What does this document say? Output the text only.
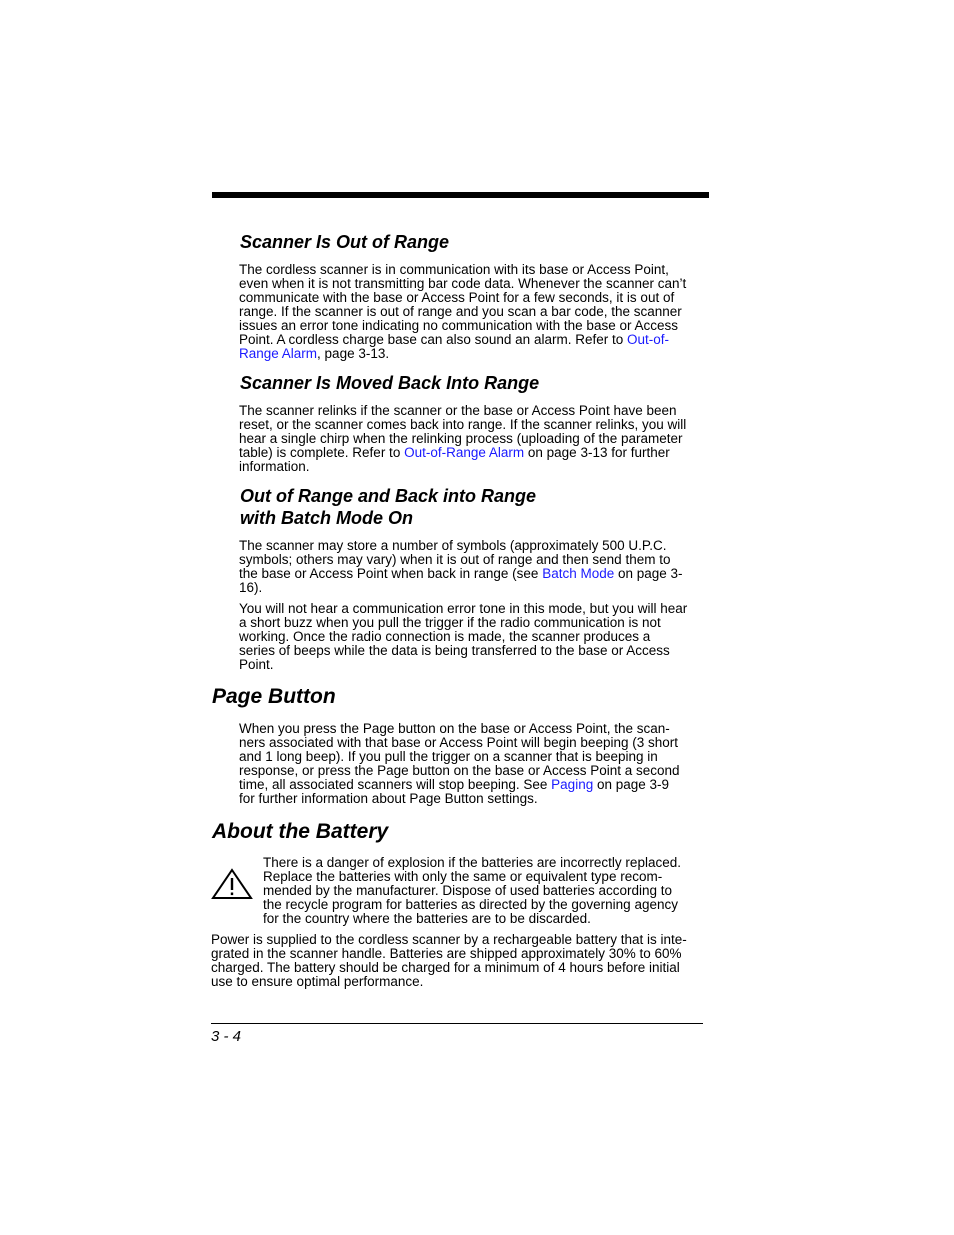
Scanner Is Out of Range
The cordless scanner is in communication with its base or Access Point,
even when it is not transmitting bar code data. Whenever the scanner can’t
communicate with the base or Access Point for a few seconds, it is out of
range. If the scanner is out of range and you scan a bar code, the scanner
issues an error tone indicating no communication with the base or Access
Point. A cordless charge base can also sound an alarm. Refer to Out-of-
Range Alarm, page 3-13.
Scanner Is Moved Back Into Range
The scanner relinks if the scanner or the base or Access Point have been
reset, or the scanner comes back into range. If the scanner relinks, you will
hear a single chirp when the relinking process (uploading of the parameter
table) is complete. Refer to Out-of-Range Alarm on page 3-13 for further
information.
Out of Range and Back into Range
with Batch Mode On
The scanner may store a number of symbols (approximately 500 U.P.C.
symbols; others may vary) when it is out of range and then send them to
the base or Access Point when back in range (see Batch Mode on page 3-
16).
You will not hear a communication error tone in this mode, but you will hear
a short buzz when you pull the trigger if the radio communication is not
working. Once the radio connection is made, the scanner produces a
series of beeps while the data is being transferred to the base or Access
Point.
Page Button
When you press the Page button on the base or Access Point, the scan-
ners associated with that base or Access Point will begin beeping (3 short
and 1 long beep). If you pull the trigger on a scanner that is beeping in
response, or press the Page button on the base or Access Point a second
time, all associated scanners will stop beeping. See Paging on page 3-9
for further information about Page Button settings.
About the Battery
There is a danger of explosion if the batteries are incorrectly replaced.
Replace the batteries with only the same or equivalent type recom-
mended by the manufacturer. Dispose of used batteries according to
the recycle program for batteries as directed by the governing agency
for the country where the batteries are to be discarded.
Power is supplied to the cordless scanner by a rechargeable battery that is inte-
grated in the scanner handle. Batteries are shipped approximately 30% to 60%
charged. The battery should be charged for a minimum of 4 hours before initial
use to ensure optimal performance.
3 - 4
